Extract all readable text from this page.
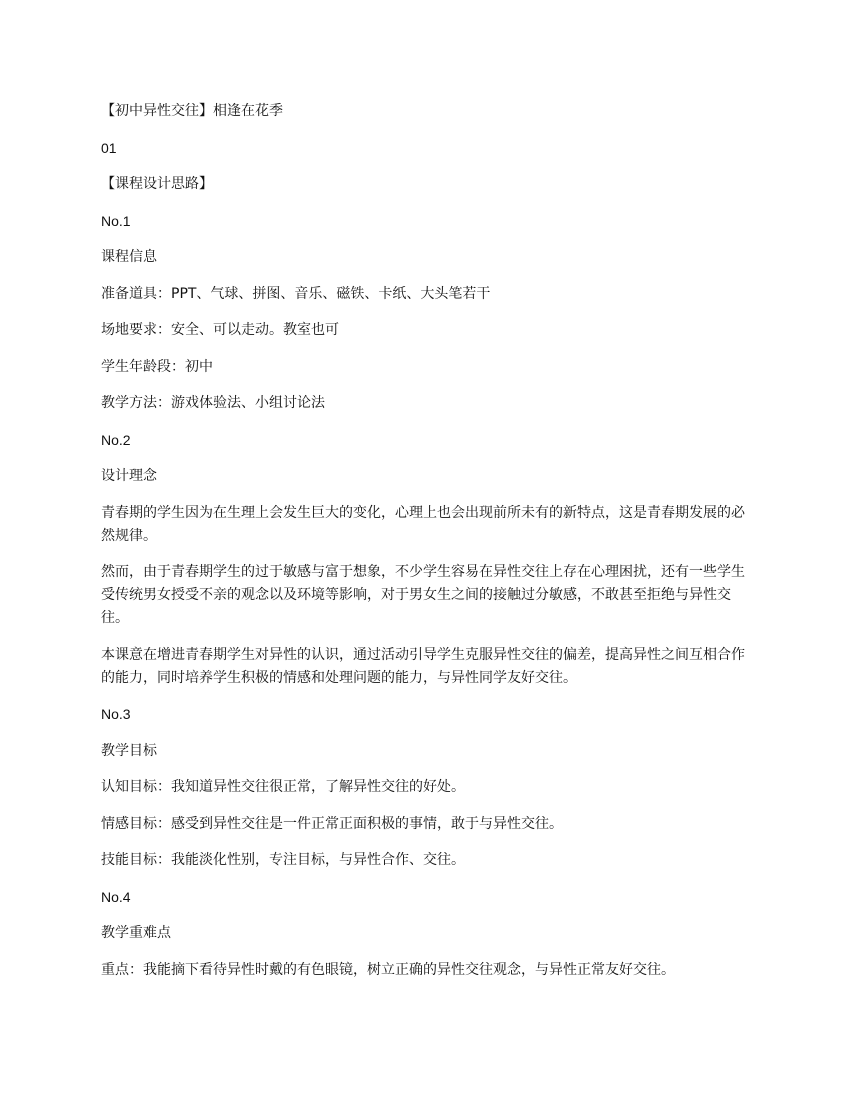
【初中异性交往】相逢在花季

01

【课程设计思路】

No.1

课程信息

准备道具：PPT、气球、拼图、音乐、磁铁、卡纸、大头笔若干

场地要求：安全、可以走动。教室也可

学生年龄段：初中

教学方法：游戏体验法、小组讨论法

No.2

设计理念

青春期的学生因为在生理上会发生巨大的变化，心理上也会出现前所未有的新特点，这是青春期发展的必然规律。

然而，由于青春期学生的过于敏感与富于想象，不少学生容易在异性交往上存在心理困扰，还有一些学生受传统男女授受不亲的观念以及环境等影响，对于男女生之间的接触过分敏感，不敢甚至拒绝与异性交往。

本课意在增进青春期学生对异性的认识，通过活动引导学生克服异性交往的偏差，提高异性之间互相合作的能力，同时培养学生积极的情感和处理问题的能力，与异性同学友好交往。

No.3

教学目标

认知目标：我知道异性交往很正常，了解异性交往的好处。

情感目标：感受到异性交往是一件正常正面积极的事情，敢于与异性交往。

技能目标：我能淡化性别，专注目标，与异性合作、交往。

No.4

教学重难点

重点：我能摘下看待异性时戴的有色眼镜，树立正确的异性交往观念，与异性正常友好交往。
